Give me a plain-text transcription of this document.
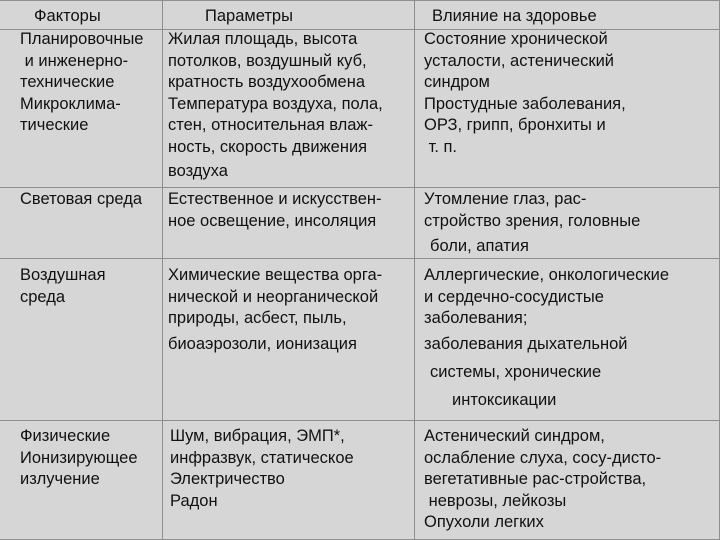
Факторы	Параметры	Влияние на здоровье
Планировочные
и инженерно-
технические
Микроклима-
тические
Жилая площадь, высота
потолков, воздушный куб,
кратность воздухообмена
Температура воздуха, пола,
стен, относительная влаж-
ность, скорость движения
воздуха
Состояние хронической
усталости, астенический
синдром
Простудные заболевания,
ОРЗ, грипп, бронхиты и
т. п.
Световая среда Естественное и искусствен-
ное освещение, инсоляция
Утомление глаз, рас-
стройство зрения, головные
боли, апатия
Воздушная
среда
Химические вещества орга-
нической и неорганической
природы, асбест, пыль,
биоаэрозоли, ионизация
Аллергические, онкологические
и сердечно-сосудистые
заболевания;
заболевания дыхательной
системы, хронические
интоксикации
Физические
Ионизирующее
излучение
Шум, вибрация, ЭМП*,
инфразвук, статическое
Электричество
Радон
Астенический синдром,
ослабление слуха, сосу-дисто-
вегетативные рас-стройства,
неврозы, лейкозы
Опухоли легких
